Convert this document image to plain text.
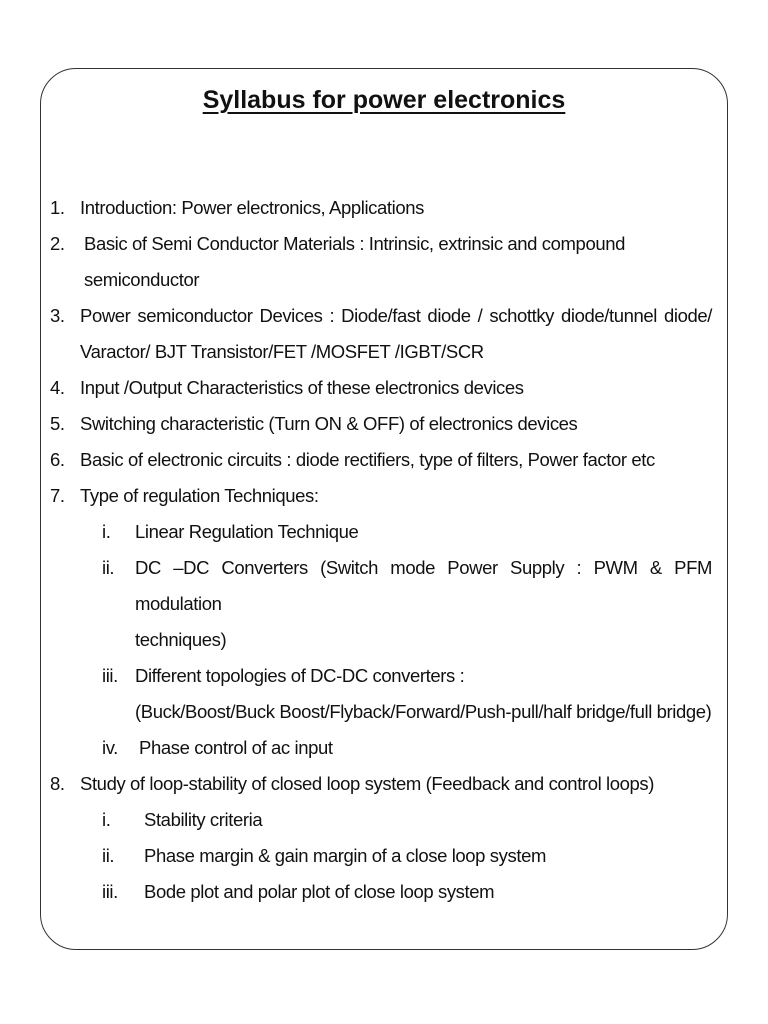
Syllabus for power electronics
1. Introduction: Power electronics, Applications
2.	Basic of Semi Conductor Materials : Intrinsic, extrinsic and compound semiconductor
3. Power semiconductor Devices : Diode/fast diode / schottky diode/tunnel diode/
Varactor/ BJT Transistor/FET /MOSFET /IGBT/SCR
4. Input /Output Characteristics of these electronics devices
5. Switching characteristic (Turn ON & OFF) of electronics devices
6. Basic of electronic circuits : diode rectifiers, type of filters, Power factor etc
7. Type of regulation Techniques:
i.	Linear Regulation Technique
ii.	DC –DC Converters (Switch mode Power Supply : PWM & PFM modulation
techniques)
iii. Different topologies of DC-DC converters :
(Buck/Boost/Buck Boost/Flyback/Forward/Push-pull/half bridge/full bridge)
iv.	Phase control of ac input
8. Study of loop-stability of closed loop system (Feedback and control loops)
i.	Stability criteria
ii.	Phase margin & gain margin of a close loop system
iii.	Bode plot and polar plot of close loop system
